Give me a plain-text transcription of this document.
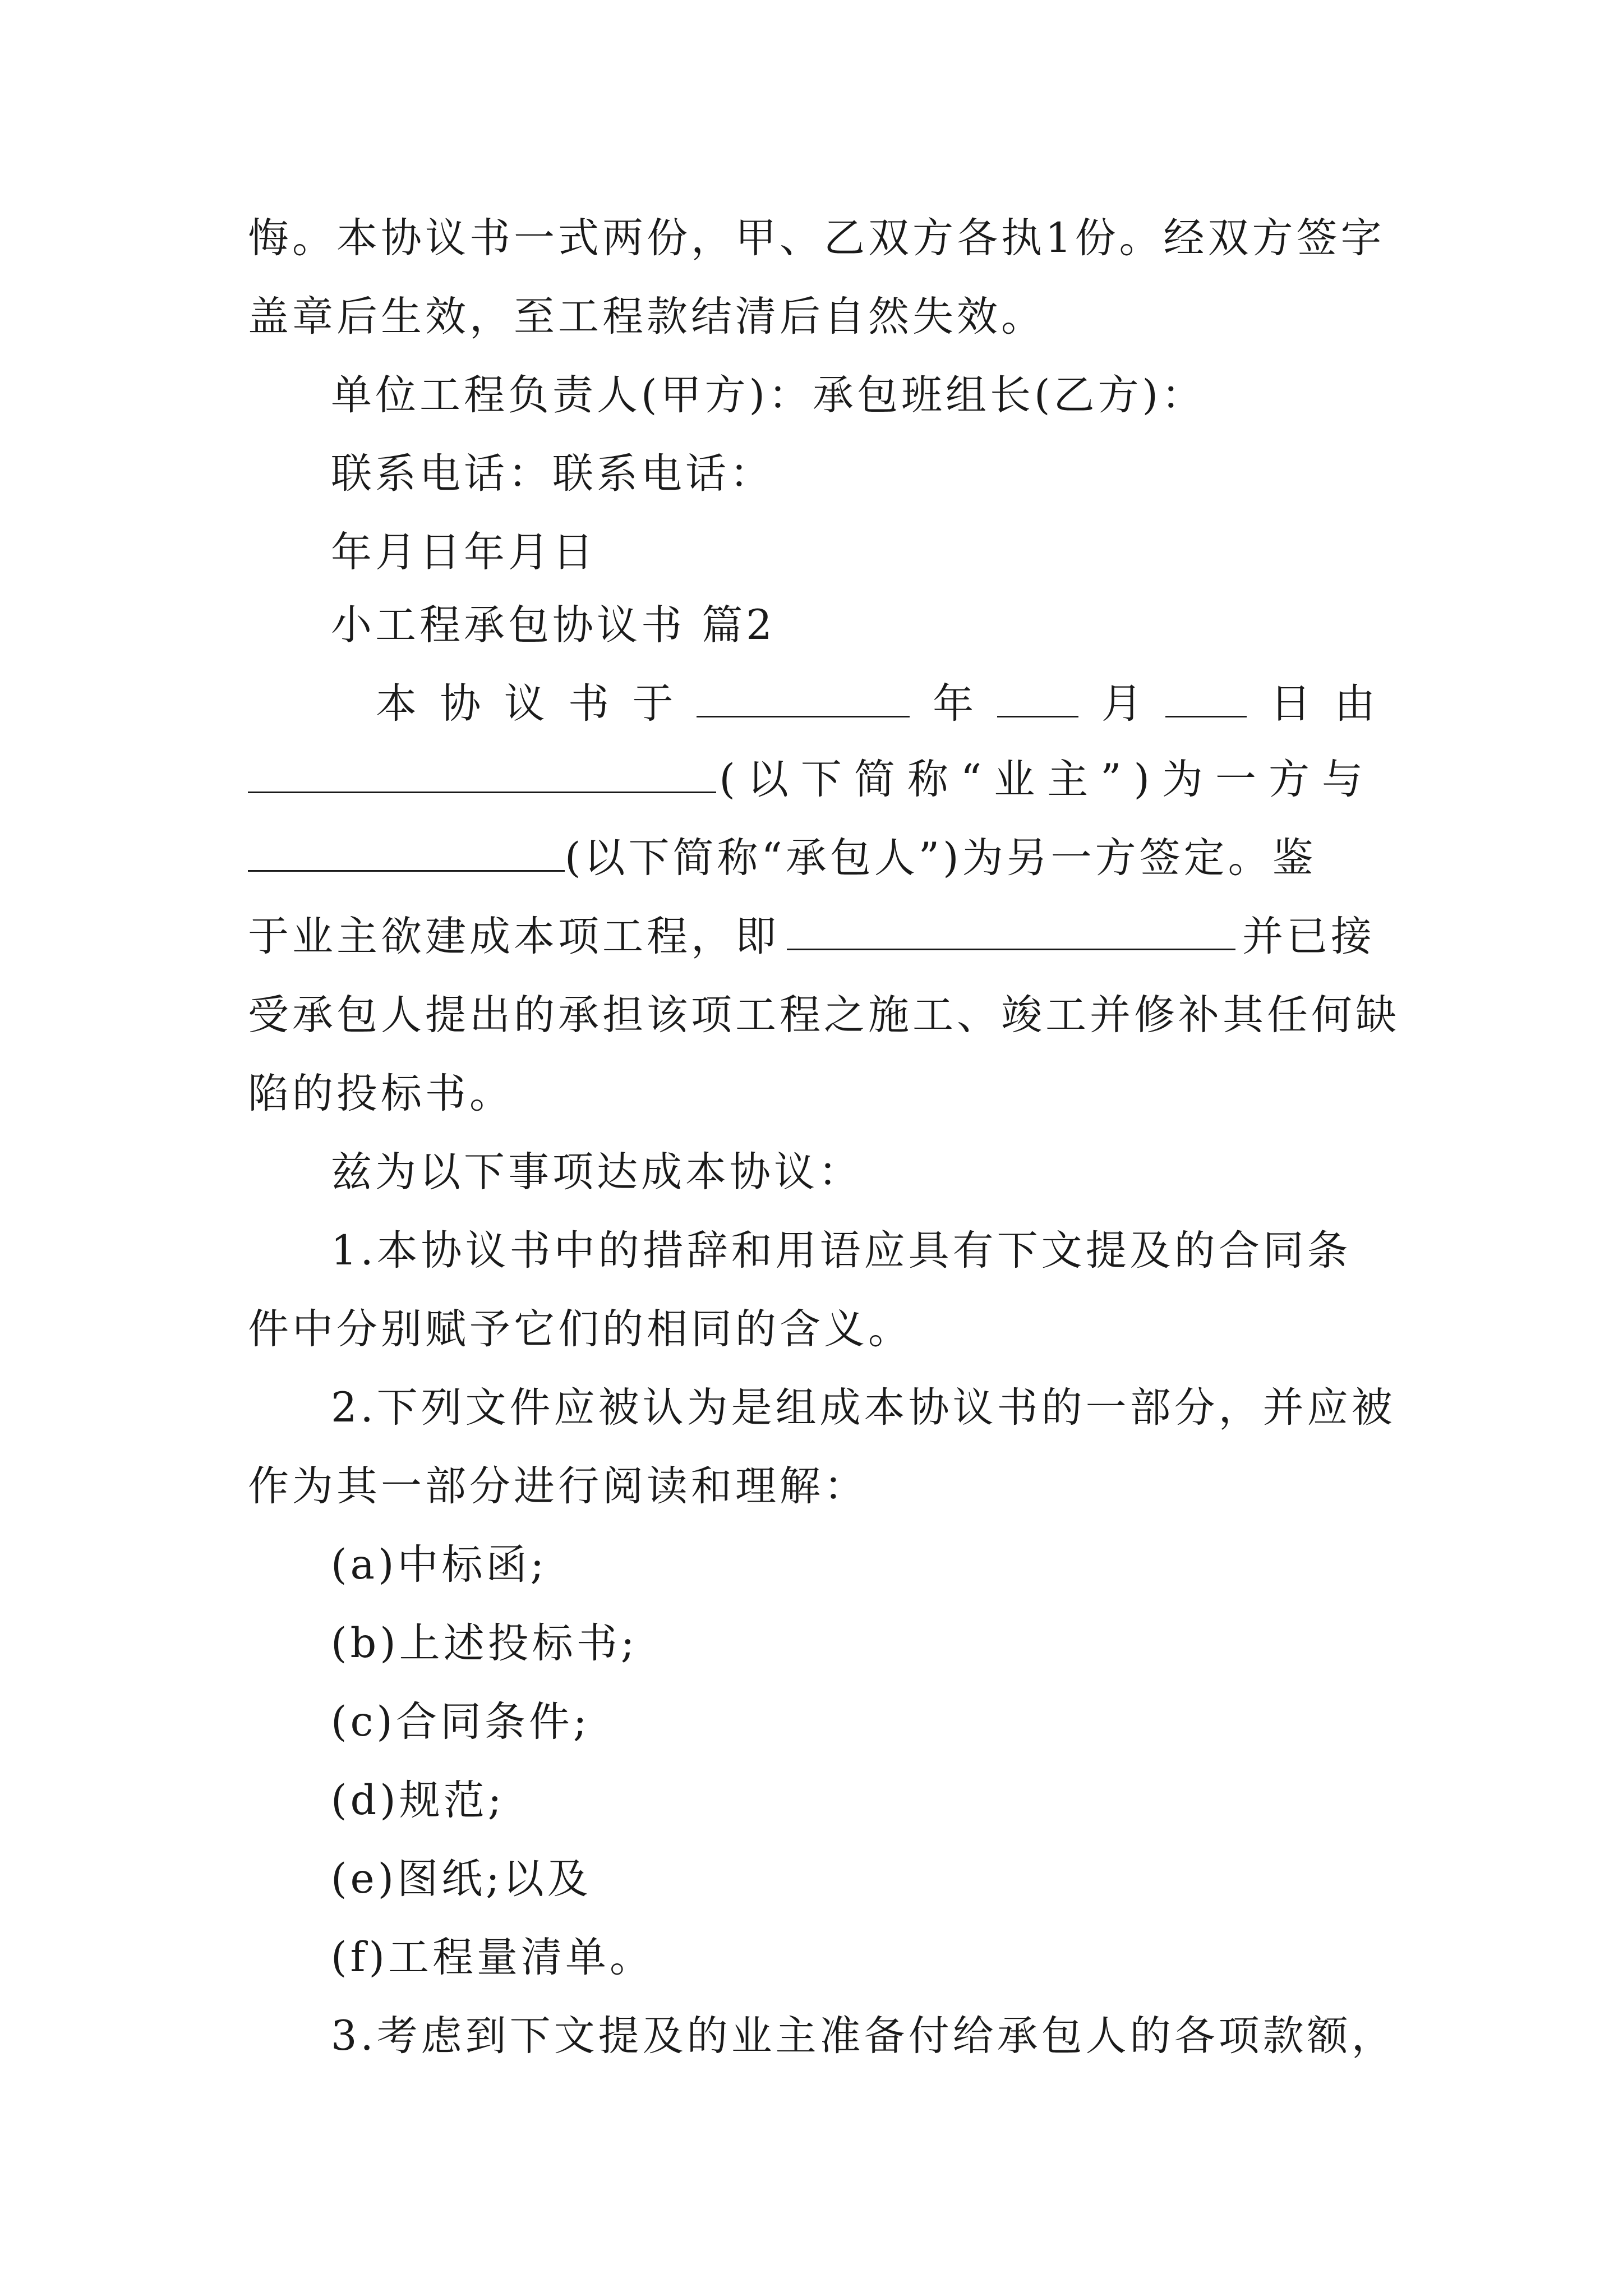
悔。本协议书一式两份，甲、乙双方各执1份。经双方签字
盖章后生效，至工程款结清后自然失效。
单位工程负责人(甲方)：承包班组长(乙方)：
联系电话：联系电话：
年月日年月日
小工程承包协议书 篇2
本 协 议 书 于	年	月	日 由
(以下简称“业主”)为一方与
(以下简称“承包人”)为另一方签定。鉴
于业主欲建成本项工程，即	并已接
受承包人提出的承担该项工程之施工、竣工并修补其任何缺
陷的投标书。
兹为以下事项达成本协议：
1.本协议书中的措辞和用语应具有下文提及的合同条
件中分别赋予它们的相同的含义。
2.下列文件应被认为是组成本协议书的一部分，并应被
作为其一部分进行阅读和理解：
(a)中标函;
(b)上述投标书;
(c)合同条件;
(d)规范;
(e)图纸;以及
(f)工程量清单。
3.考虑到下文提及的业主准备付给承包人的各项款额，
